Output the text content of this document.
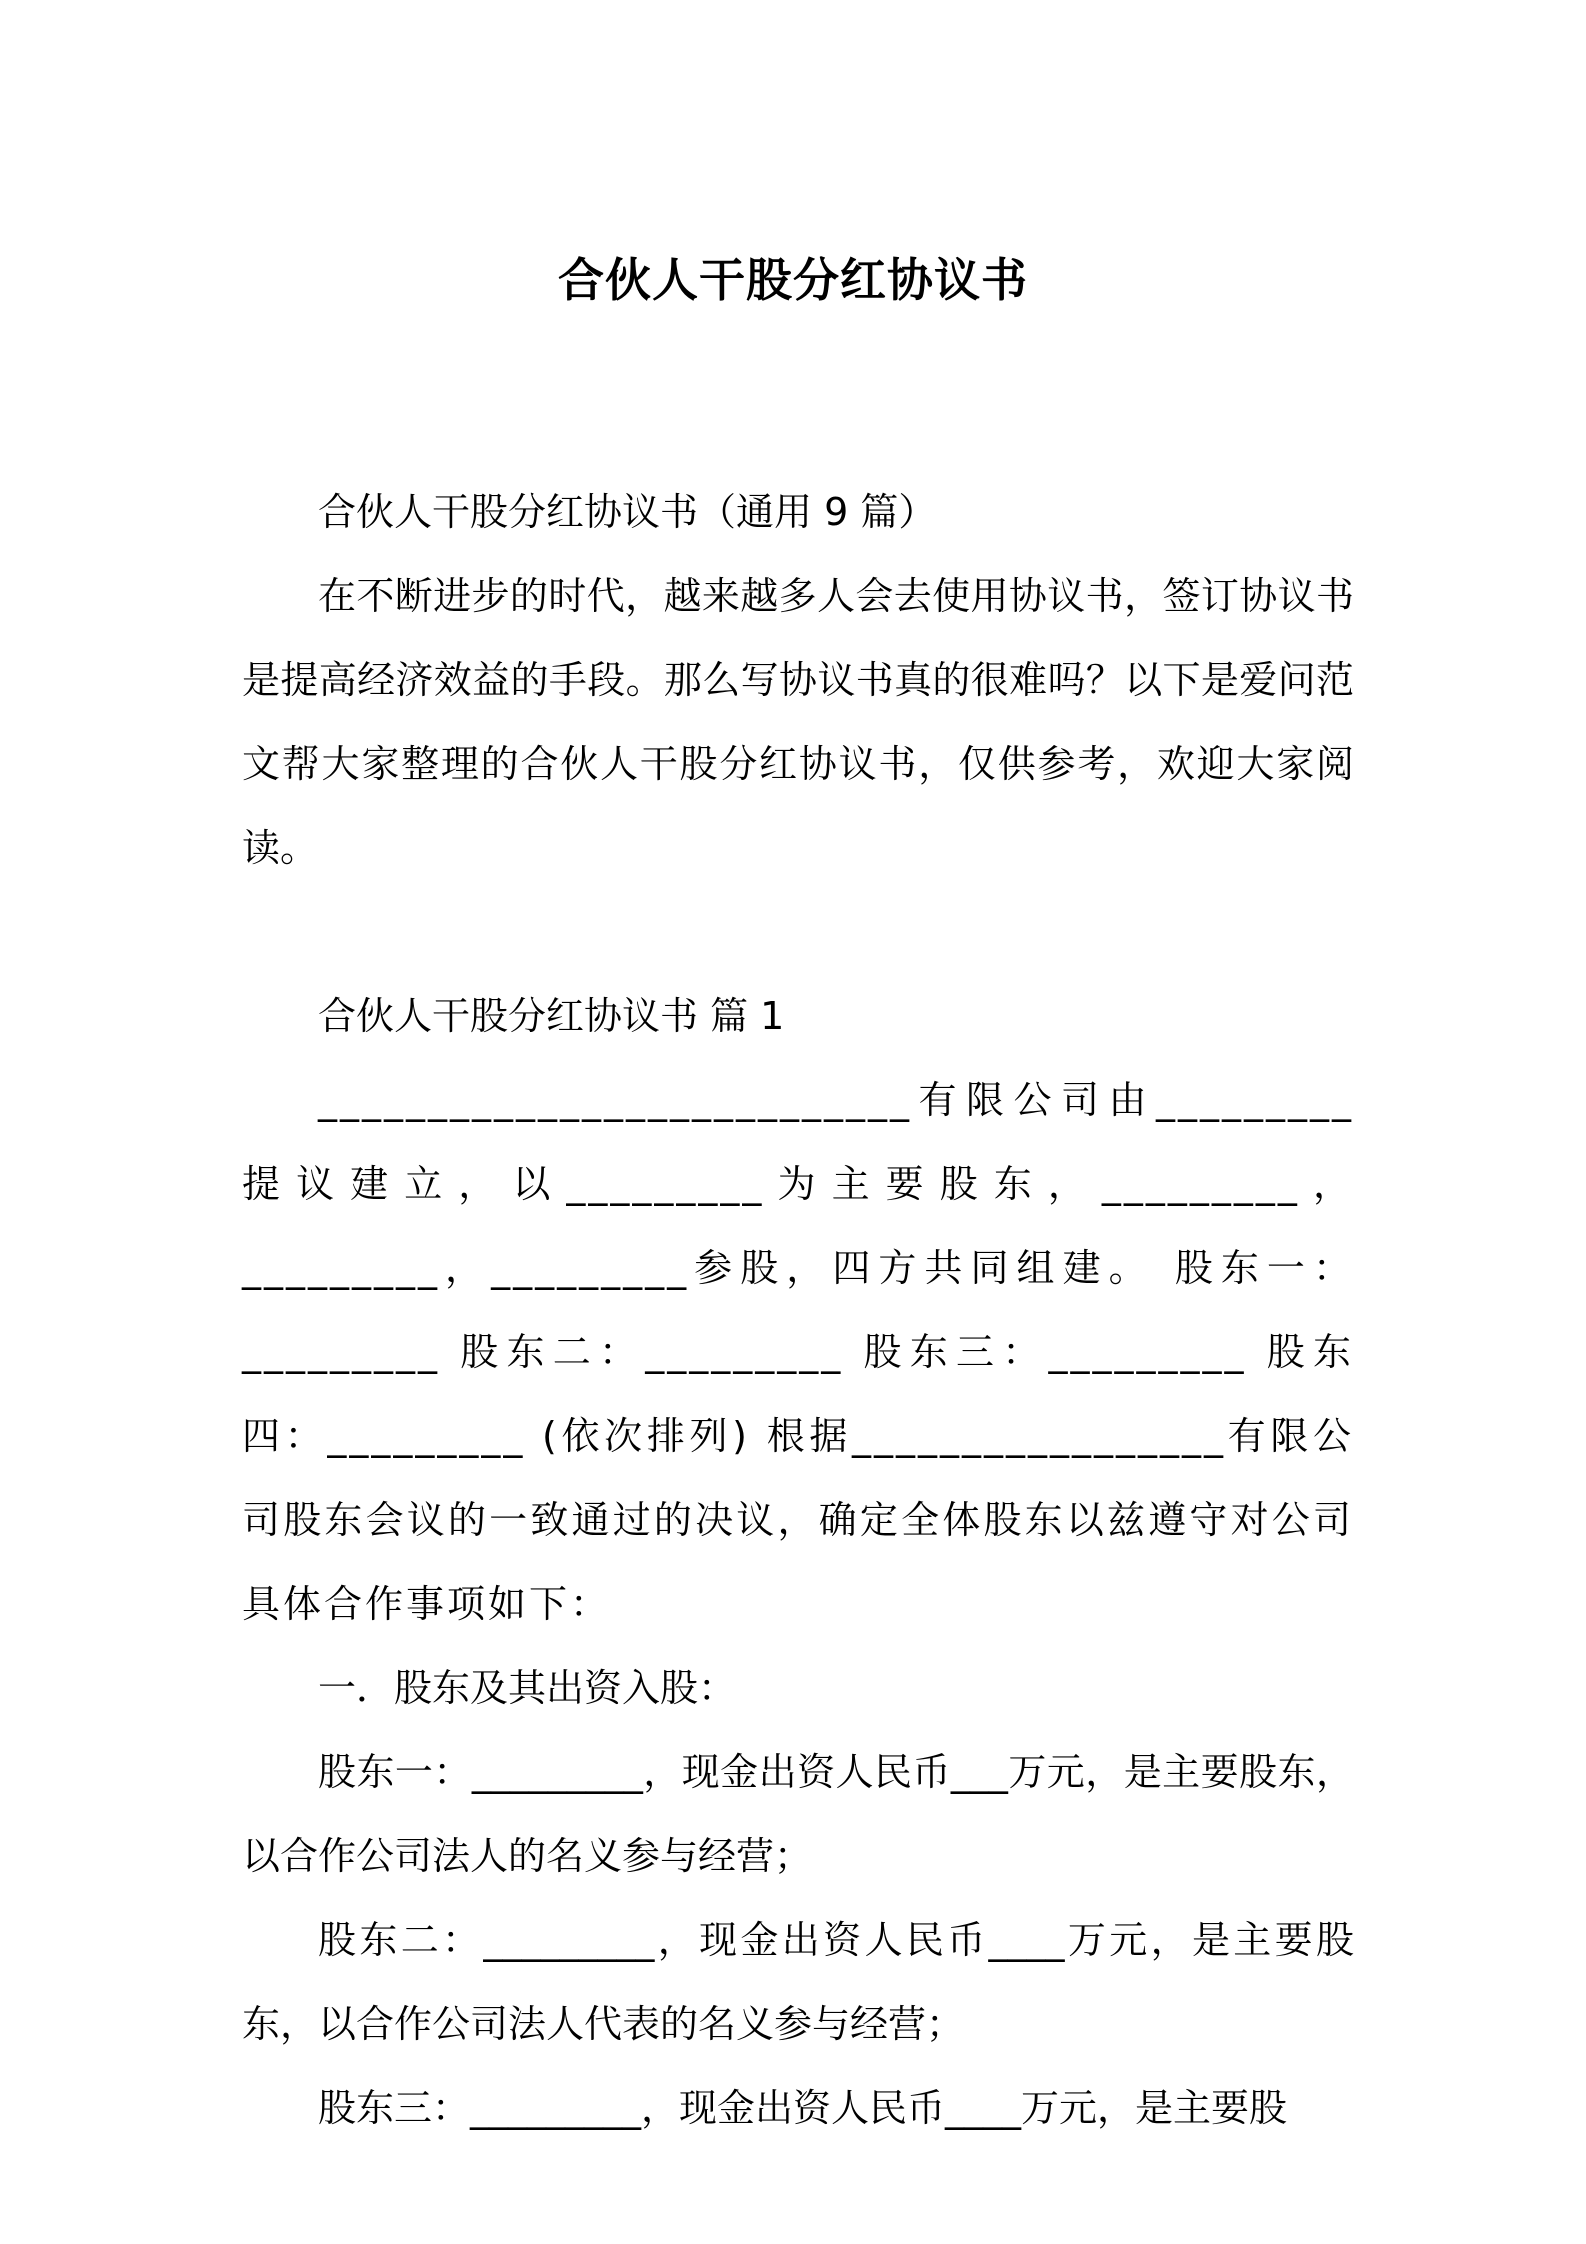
合伙人干股分红协议书

合伙人干股分红协议书（通用 9 篇）

在不断进步的时代，越来越多人会去使用协议书，签订协议书是提高经济效益的手段。那么写协议书真的很难吗？以下是爱问范文帮大家整理的合伙人干股分红协议书，仅供参考，欢迎大家阅读。

合伙人干股分红协议书 篇 1

___________________________有限公司由_________提议建立，以_________为主要股东，_________，_________，_________参股，四方共同组建。 股东一：_________ 股东二：_________ 股东三：_________ 股东四：_________ (依次排列) 根据_________________有限公司股东会议的一致通过的决议，确定全体股东以兹遵守对公司具体合作事项如下：

一．股东及其出资入股：

股东一：_________，现金出资人民币___万元，是主要股东，以合作公司法人的名义参与经营；

股东二：_________，现金出资人民币____万元，是主要股东，以合作公司法人代表的名义参与经营；

股东三：_________，现金出资人民币____万元，是主要股
